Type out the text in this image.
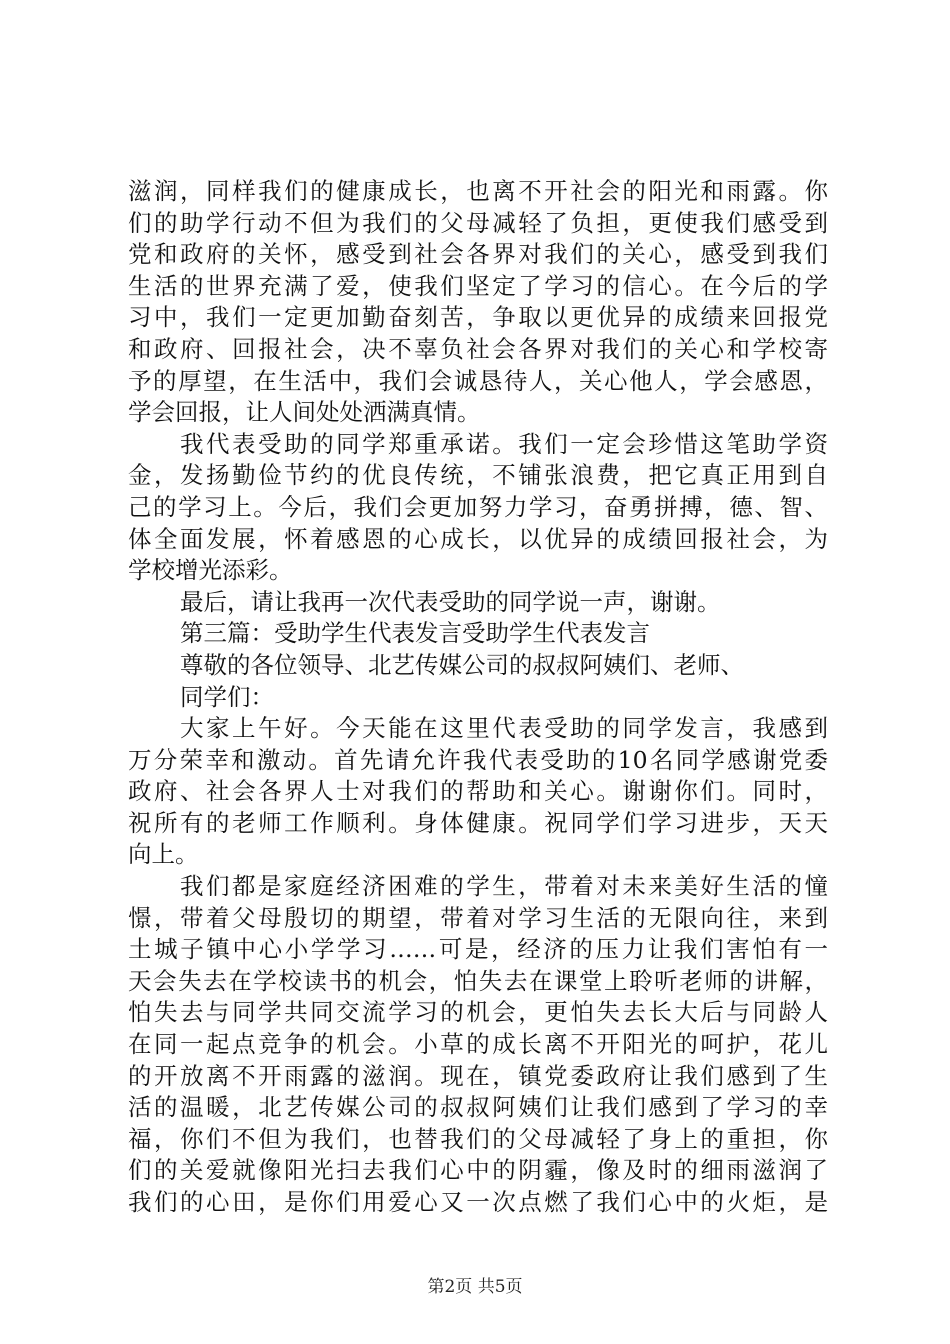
滋润，同样我们的健康成长，也离不开社会的阳光和雨露。你
们的助学行动不但为我们的父母减轻了负担，更使我们感受到
党和政府的关怀，感受到社会各界对我们的关心，感受到我们
生活的世界充满了爱，使我们坚定了学习的信心。在今后的学
习中，我们一定更加勤奋刻苦，争取以更优异的成绩来回报党
和政府、回报社会，决不辜负社会各界对我们的关心和学校寄
予的厚望，在生活中，我们会诚恳待人，关心他人，学会感恩，
学会回报，让人间处处洒满真情。
我代表受助的同学郑重承诺。我们一定会珍惜这笔助学资
金，发扬勤俭节约的优良传统，不铺张浪费，把它真正用到自
己的学习上。今后，我们会更加努力学习，奋勇拼搏，德、智、
体全面发展，怀着感恩的心成长，以优异的成绩回报社会，为
学校增光添彩。
最后，请让我再一次代表受助的同学说一声，谢谢。
第三篇：受助学生代表发言受助学生代表发言
尊敬的各位领导、北艺传媒公司的叔叔阿姨们、老师、
同学们：
大家上午好。今天能在这里代表受助的同学发言，我感到
万分荣幸和激动。首先请允许我代表受助的10名同学感谢党委
政府、社会各界人士对我们的帮助和关心。谢谢你们。同时，
祝所有的老师工作顺利。身体健康。祝同学们学习进步，天天
向上。
我们都是家庭经济困难的学生，带着对未来美好生活的憧
憬，带着父母殷切的期望，带着对学习生活的无限向往，来到
土城子镇中心小学学习……可是，经济的压力让我们害怕有一
天会失去在学校读书的机会，怕失去在课堂上聆听老师的讲解，
怕失去与同学共同交流学习的机会，更怕失去长大后与同龄人
在同一起点竞争的机会。小草的成长离不开阳光的呵护，花儿
的开放离不开雨露的滋润。现在，镇党委政府让我们感到了生
活的温暖，北艺传媒公司的叔叔阿姨们让我们感到了学习的幸
福，你们不但为我们，也替我们的父母减轻了身上的重担，你
们的关爱就像阳光扫去我们心中的阴霾，像及时的细雨滋润了
我们的心田，是你们用爱心又一次点燃了我们心中的火炬，是
第2页 共5页
